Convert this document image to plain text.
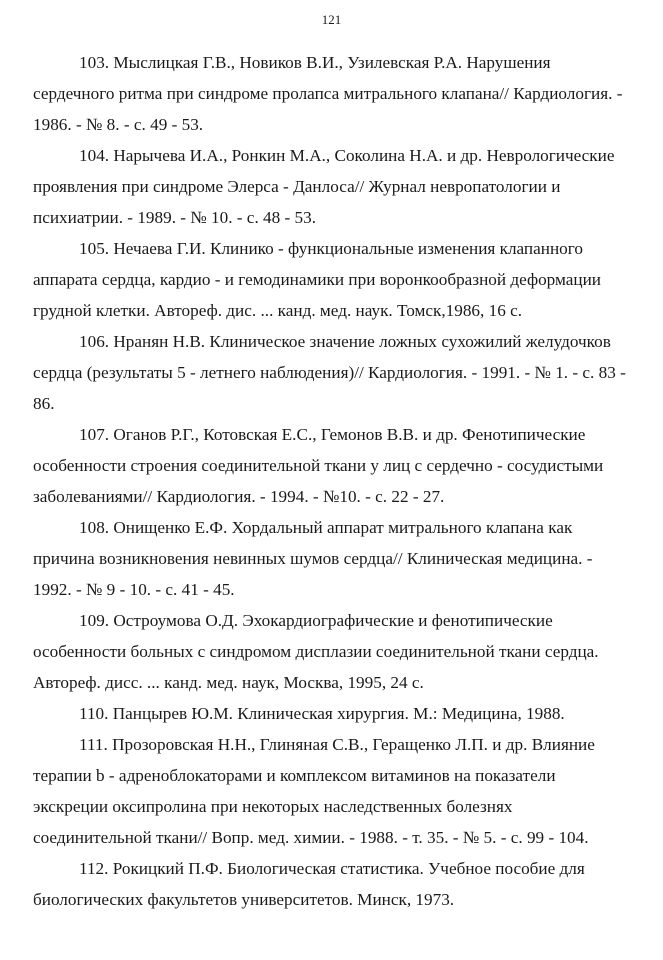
121

103. Мыслицкая Г.В., Новиков В.И., Узилевская Р.А. Нарушения сердечного ритма при синдроме пролапса митрального клапана// Кардиология. - 1986. - № 8. - с. 49 - 53.

104. Нарычева И.А., Ронкин М.А., Соколина Н.А. и др. Неврологические проявления при синдроме Элерса - Данлоса// Журнал невропатологии и психиатрии. - 1989. - № 10. - с. 48 - 53.

105. Нечаева Г.И. Клинико - функциональные изменения клапанного аппарата сердца, кардио - и гемодинамики при воронкообразной деформации грудной клетки. Автореф. дис. ... канд. мед. наук. Томск,1986, 16 с.

106. Нранян Н.В. Клиническое значение ложных сухожилий желудочков сердца (результаты 5 - летнего наблюдения)// Кардиология. - 1991. - № 1. - с. 83 - 86.

107. Оганов Р.Г., Котовская Е.С., Гемонов В.В. и др. Фенотипические особенности строения соединительной ткани у лиц с сердечно - сосудистыми заболеваниями// Кардиология. - 1994. - №10. - с. 22 - 27.

108. Онищенко Е.Ф. Хордальный аппарат митрального клапана как причина возникновения невинных шумов сердца// Клиническая медицина. - 1992. - № 9 - 10. - с. 41 - 45.

109. Остроумова О.Д. Эхокардиографические и фенотипические особенности больных с синдромом дисплазии соединительной ткани сердца. Автореф. дисс. ... канд. мед. наук, Москва, 1995, 24 с.

110. Панцырев Ю.М. Клиническая хирургия. М.: Медицина, 1988.

111. Прозоровская Н.Н., Глиняная С.В., Геращенко Л.П. и др. Влияние терапии b - адреноблокаторами и комплексом витаминов на показатели экскреции оксипролина при некоторых наследственных болезнях соединительной ткани// Вопр. мед. химии. - 1988. - т. 35. - № 5. - с. 99 - 104.

112. Рокицкий П.Ф. Биологическая статистика. Учебное пособие для биологических факультетов университетов. Минск, 1973.
